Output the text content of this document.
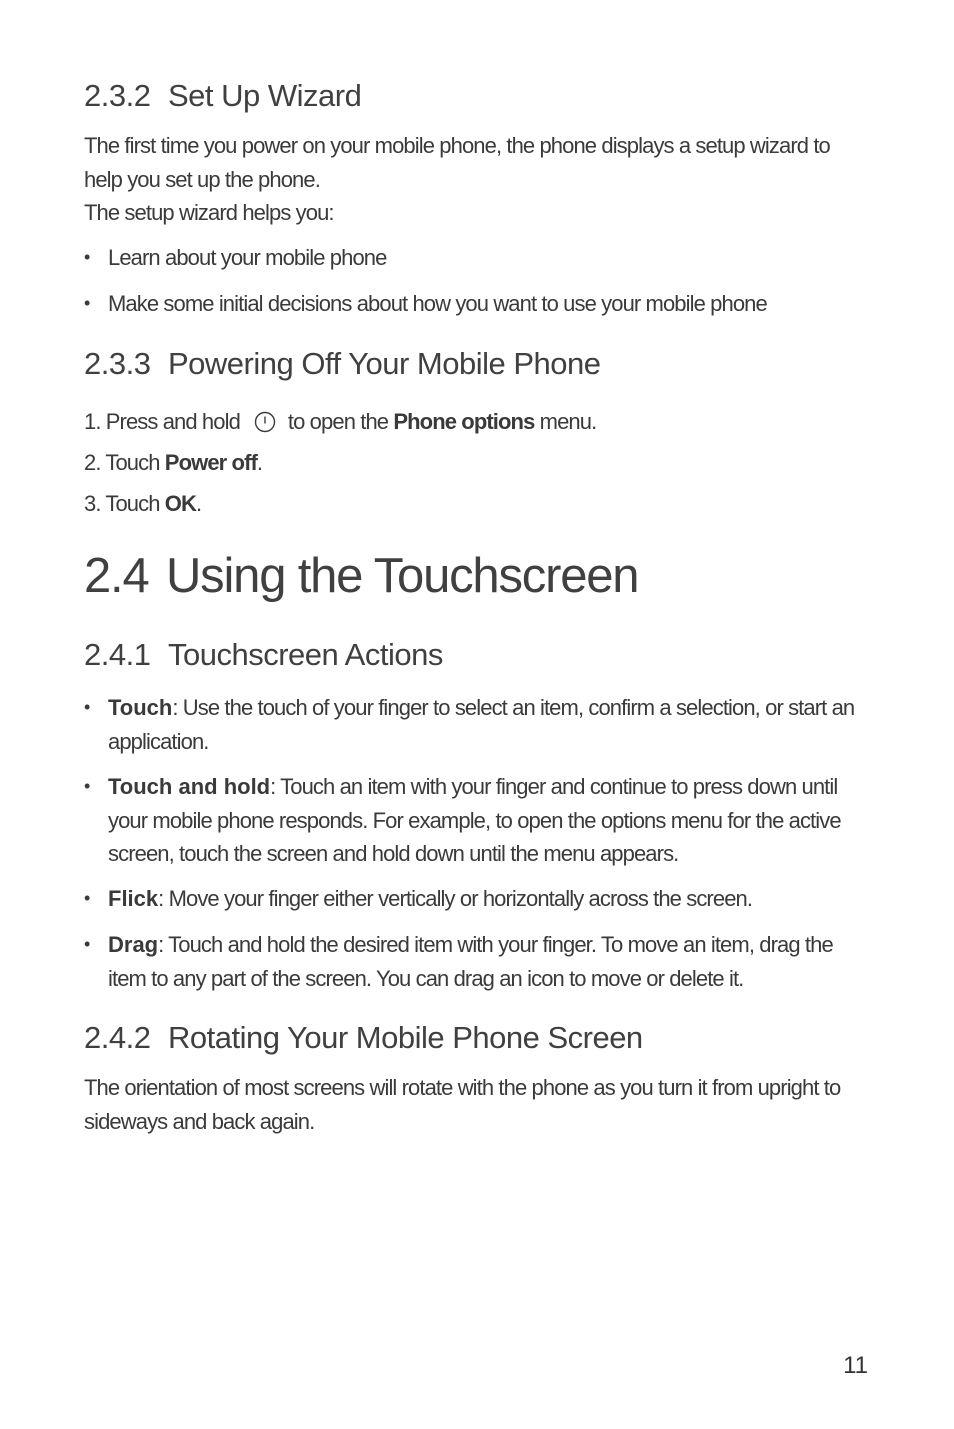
2.3.2 Set Up Wizard

The first time you power on your mobile phone, the phone displays a setup wizard to help you set up the phone.

The setup wizard helps you:

• Learn about your mobile phone
• Make some initial decisions about how you want to use your mobile phone
2.3.3 Powering Off Your Mobile Phone
1. Press and hold to open the Phone options menu.
2. Touch Power off.
3. Touch OK.
2.4 Using the Touchscreen
2.4.1 Touchscreen Actions
• Touch: Use the touch of your finger to select an item, confirm a selection, or start an application.
• Touch and hold: Touch an item with your finger and continue to press down until your mobile phone responds. For example, to open the options menu for the active screen, touch the screen and hold down until the menu appears.
• Flick: Move your finger either vertically or horizontally across the screen.
• Drag: Touch and hold the desired item with your finger. To move an item, drag the item to any part of the screen. You can drag an icon to move or delete it.
2.4.2 Rotating Your Mobile Phone Screen

The orientation of most screens will rotate with the phone as you turn it from upright to sideways and back again.

11
